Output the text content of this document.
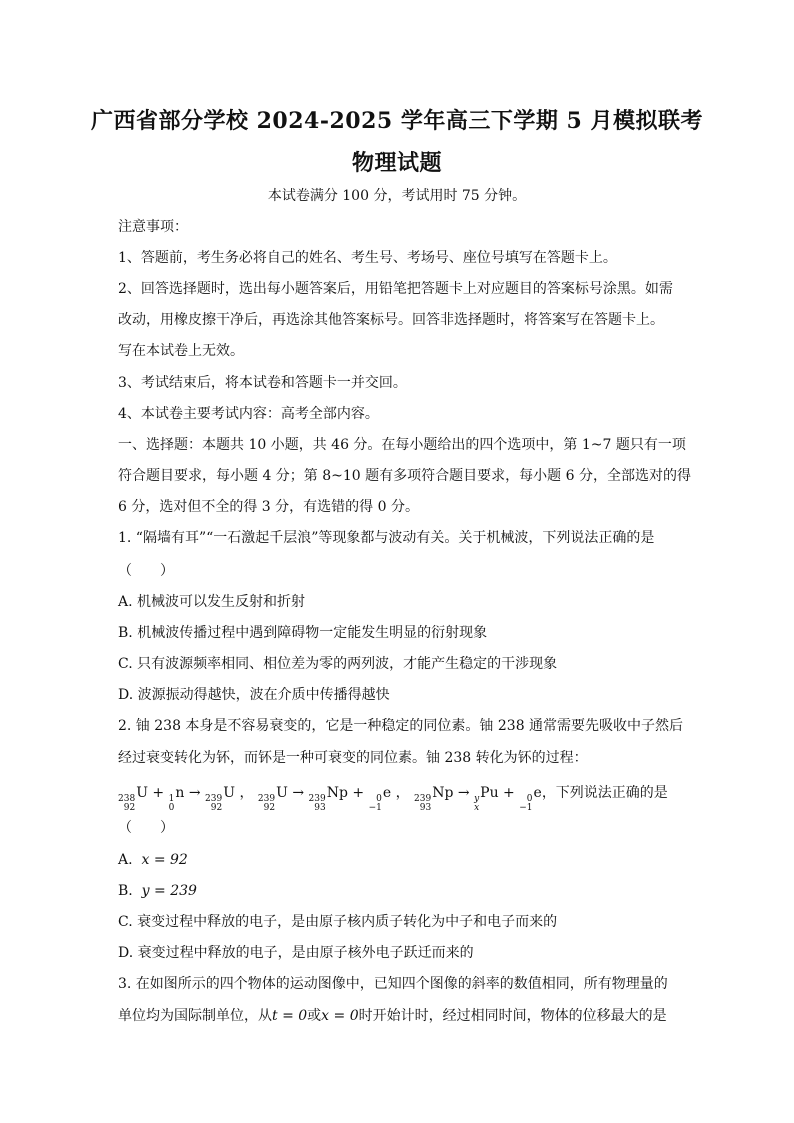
广西省部分学校 2024-2025 学年高三下学期 5 月模拟联考
物理试题
本试卷满分 100 分，考试用时 75 分钟。
注意事项：
1、答题前，考生务必将自己的姓名、考生号、考场号、座位号填写在答题卡上。
2、回答选择题时，选出每小题答案后，用铅笔把答题卡上对应题目的答案标号涂黑。如需
改动，用橡皮擦干净后，再选涂其他答案标号。回答非选择题时，将答案写在答题卡上。
写在本试卷上无效。
3、考试结束后，将本试卷和答题卡一并交回。
4、本试卷主要考试内容：高考全部内容。
一、选择题：本题共 10 小题，共 46 分。在每小题给出的四个选项中，第 1~7 题只有一项
符合题目要求，每小题 4 分；第 8~10 题有多项符合题目要求，每小题 6 分，全部选对的得
6 分，选对但不全的得 3 分，有选错的得 0 分。
1. “隔墙有耳”“一石激起千层浪”等现象都与波动有关。关于机械波，下列说法正确的是
（　　）
A. 机械波可以发生反射和折射
B. 机械波传播过程中遇到障碍物一定能发生明显的衍射现象
C. 只有波源频率相同、相位差为零的两列波，才能产生稳定的干涉现象
D. 波源振动得越快，波在介质中传播得越快
2. 铀 238 本身是不容易衰变的，它是一种稳定的同位素。铀 238 通常需要先吸收中子然后
经过衰变转化为钚，而钚是一种可衰变的同位素。铀 238 转化为钚的过程：
238
92
U + 1
0
n → 239
92
U ， 239
92
U → 239
93
Np + 0
−1
e ， 239
93
Np → y
x
Pu + 0
−1
e，下列说法正确的是
（　　）
A. x = 92
B. y = 239
C. 衰变过程中释放的电子，是由原子核内质子转化为中子和电子而来的
D. 衰变过程中释放的电子，是由原子核外电子跃迁而来的
3. 在如图所示的四个物体的运动图像中，已知四个图像的斜率的数值相同，所有物理量的
单位均为国际制单位，从t = 0或x = 0时开始计时，经过相同时间，物体的位移最大的是
